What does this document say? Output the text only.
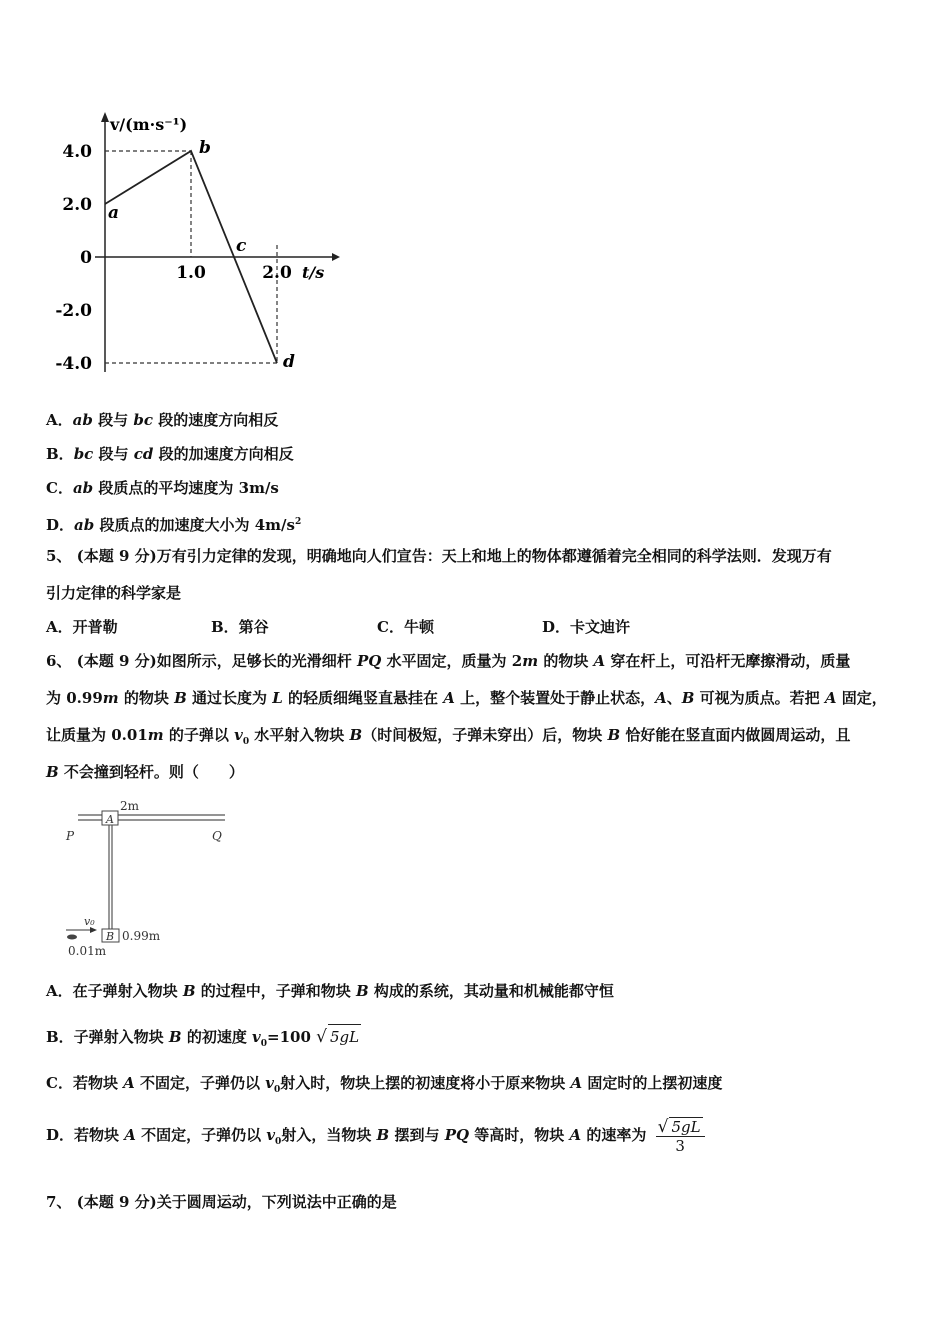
v/(m·s⁻¹)
t/s
4.0
2.0
0
-2.0
-4.0
1.0	2.0
a
b
c
d
A．ab 段与 bc 段的速度方向相反
B．bc 段与 cd 段的加速度方向相反
C．ab 段质点的平均速度为 3m/s
D．ab 段质点的加速度大小为 $4m/s^2$
5、 (本题 9 分)万有引力定律的发现，明确地向人们宣告：天上和地上的物体都遵循着完全相同的科学法则．发现万有
引力定律的科学家是
A．开普勒	B．第谷	C．牛顿	D．卡文迪许
6、 (本题 9 分)如图所示，足够长的光滑细杆 PQ 水平固定，质量为 2m 的物块 A 穿在杆上，可沿杆无摩擦滑动，质量
为 0.99m 的物块 B 通过长度为 L 的轻质细绳竖直悬挂在 A 上，整个装置处于静止状态，A、B 可视为质点。若把 A 固定，
让质量为 0.01m 的子弹以 $v_0$ 水平射入物块 B（时间极短，子弹未穿出）后，物块 B 恰好能在竖直面内做圆周运动，且
B 不会撞到轻杆。则（　　）
A
2m
P	Q
B 0.99m
v₀
0.01m
A．在子弹射入物块 B 的过程中，子弹和物块 B 构成的系统，其动量和机械能都守恒
B．子弹射入物块 B 的初速度 $v_0=100$ √ 5gL
C．若物块 A 不固定，子弹仍以 $v_0$射入时，物块上摆的初速度将小于原来物块 A 固定时的上摆初速度
D．若物块 A 不固定，子弹仍以 $v_0$射入，当物块 B 摆到与 PQ 等高时，物块 A 的速率为 $\frac{√ 5gL}{3}$
7、 (本题 9 分)关于圆周运动，下列说法中正确的是
